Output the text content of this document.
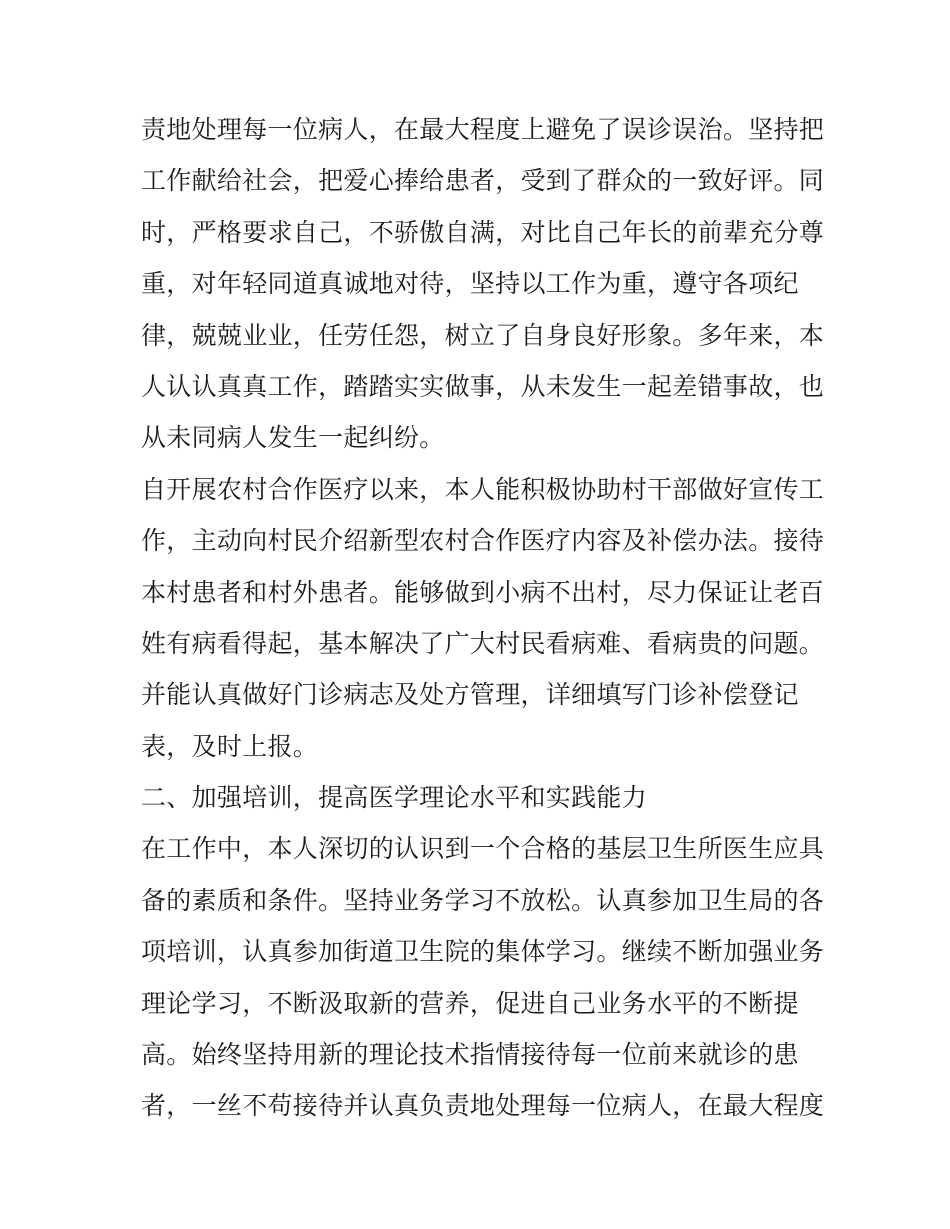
责地处理每一位病人，在最大程度上避免了误诊误治。坚持把
工作献给社会，把爱心捧给患者，受到了群众的一致好评。同
时，严格要求自己，不骄傲自满，对比自己年长的前辈充分尊
重，对年轻同道真诚地对待，坚持以工作为重，遵守各项纪
律，兢兢业业，任劳任怨，树立了自身良好形象。多年来，本
人认认真真工作，踏踏实实做事，从未发生一起差错事故，也
从未同病人发生一起纠纷。
自开展农村合作医疗以来，本人能积极协助村干部做好宣传工
作，主动向村民介绍新型农村合作医疗内容及补偿办法。接待
本村患者和村外患者。能够做到小病不出村，尽力保证让老百
姓有病看得起，基本解决了广大村民看病难、看病贵的问题。
并能认真做好门诊病志及处方管理，详细填写门诊补偿登记
表，及时上报。
二、加强培训，提高医学理论水平和实践能力
在工作中，本人深切的认识到一个合格的基层卫生所医生应具
备的素质和条件。坚持业务学习不放松。认真参加卫生局的各
项培训，认真参加街道卫生院的集体学习。继续不断加强业务
理论学习，不断汲取新的营养，促进自己业务水平的不断提
高。始终坚持用新的理论技术指情接待每一位前来就诊的患
者，一丝不苟接待并认真负责地处理每一位病人，在最大程度
